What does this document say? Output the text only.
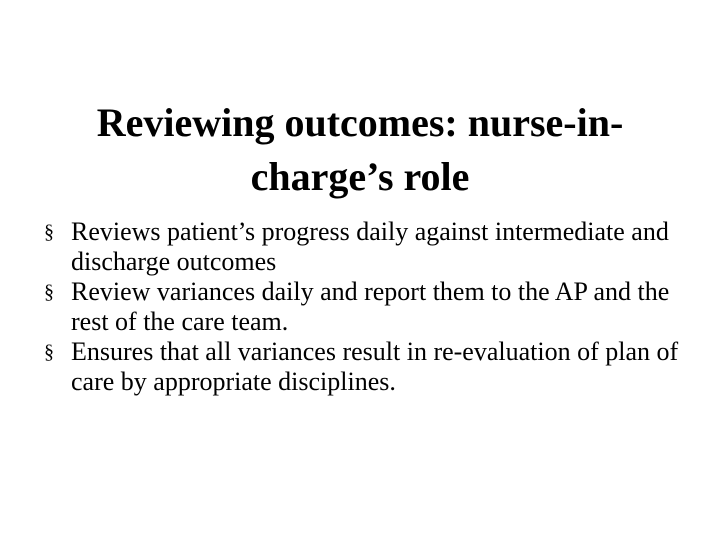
Reviewing outcomes: nurse-in-
charge’s role
§ Reviews patient’s progress daily against intermediate and discharge outcomes
§ Review variances daily and report them to the AP and the rest of the care team.
§ Ensures that all variances result in re-evaluation of plan of care by appropriate disciplines.
